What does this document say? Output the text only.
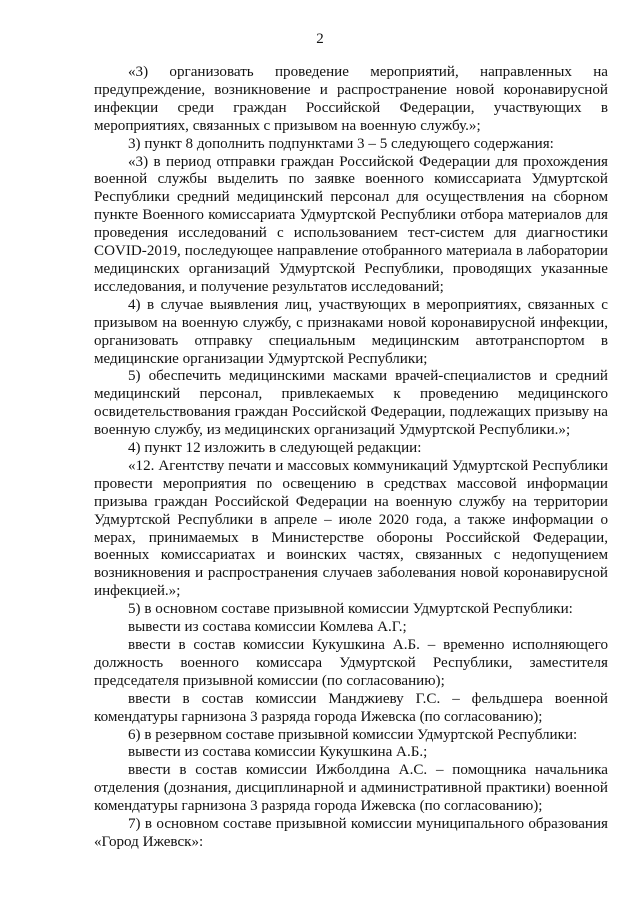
2

«3) организовать проведение мероприятий, направленных на предупреждение, возникновение и распространение новой коронавирусной инфекции среди граждан Российской Федерации, участвующих в мероприятиях, связанных с призывом на военную службу.»;

3) пункт 8 дополнить подпунктами 3 – 5 следующего содержания:

«3) в период отправки граждан Российской Федерации для прохождения военной службы выделить по заявке военного комиссариата Удмуртской Республики средний медицинский персонал для осуществления на сборном пункте Военного комиссариата Удмуртской Республики отбора материалов для проведения исследований с использованием тест-систем для диагностики COVID-2019, последующее направление отобранного материала в лаборатории медицинских организаций Удмуртской Республики, проводящих указанные исследования, и получение результатов исследований;

4) в случае выявления лиц, участвующих в мероприятиях, связанных с призывом на военную службу, с признаками новой коронавирусной инфекции, организовать отправку специальным медицинским автотранспортом в медицинские организации Удмуртской Республики;

5) обеспечить медицинскими масками врачей-специалистов и средний медицинский персонал, привлекаемых к проведению медицинского освидетельствования граждан Российской Федерации, подлежащих призыву на военную службу, из медицинских организаций Удмуртской Республики.»;

4) пункт 12 изложить в следующей редакции:

«12. Агентству печати и массовых коммуникаций Удмуртской Республики провести мероприятия по освещению в средствах массовой информации призыва граждан Российской Федерации на военную службу на территории Удмуртской Республики в апреле – июле 2020 года, а также информации о мерах, принимаемых в Министерстве обороны Российской Федерации, военных комиссариатах и воинских частях, связанных с недопущением возникновения и распространения случаев заболевания новой коронавирусной инфекцией.»;

5) в основном составе призывной комиссии Удмуртской Республики:

вывести из состава комиссии Комлева А.Г.;

ввести в состав комиссии Кукушкина А.Б. – временно исполняющего должность военного комиссара Удмуртской Республики, заместителя председателя призывной комиссии (по согласованию);

ввести в состав комиссии Манджиеву Г.С. – фельдшера военной комендатуры гарнизона 3 разряда города Ижевска (по согласованию);

6) в резервном составе призывной комиссии Удмуртской Республики:

вывести из состава комиссии Кукушкина А.Б.;

ввести в состав комиссии Ижболдина А.С. – помощника начальника отделения (дознания, дисциплинарной и административной практики) военной комендатуры гарнизона 3 разряда города Ижевска (по согласованию);

7) в основном составе призывной комиссии муниципального образования «Город Ижевск»:
